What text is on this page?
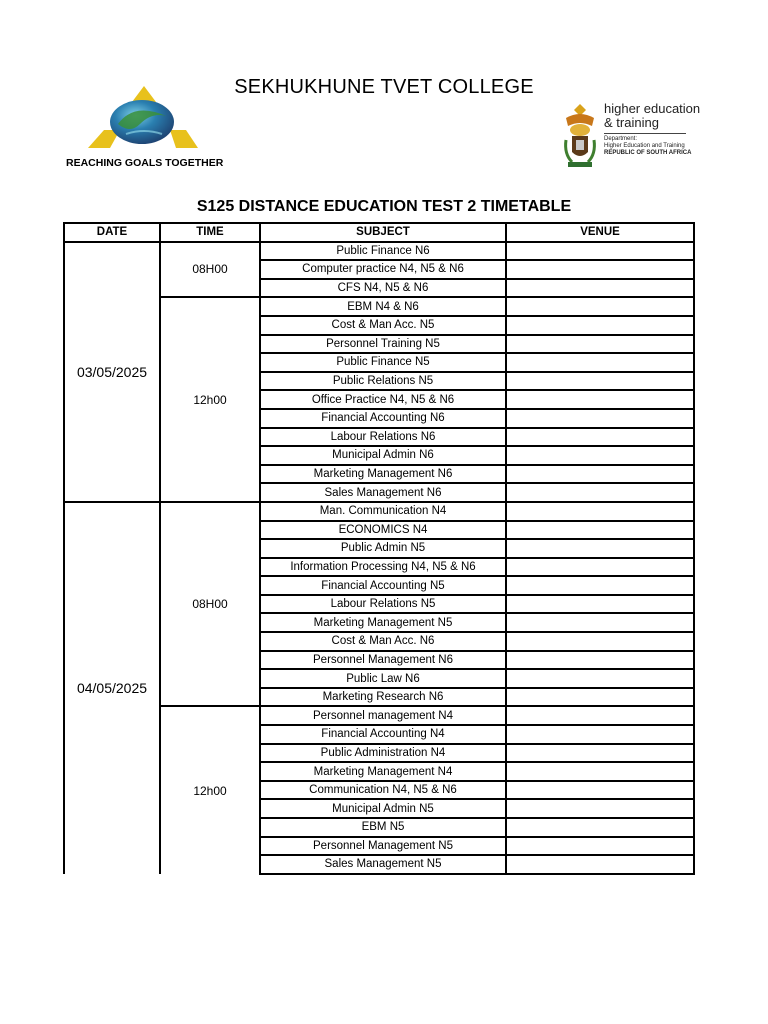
SEKHUKHUNE TVET COLLEGE
REACHING GOALS TOGETHER
higher education
& training
Department:
Higher Education and Training
REPUBLIC OF SOUTH AFRICA
S125 DISTANCE EDUCATION TEST 2 TIMETABLE
DATE	TIME	SUBJECT	VENUE
03/05/2025	08H00	Public Finance N6	
		Computer practice N4, N5 & N6	
		CFS N4, N5 & N6	
	12h00	EBM N4 & N6	
		Cost & Man Acc. N5	
		Personnel Training N5	
		Public Finance N5	
		Public Relations N5	
		Office Practice N4, N5 & N6	
		Financial Accounting N6	
		Labour Relations N6	
		Municipal Admin N6	
		Marketing Management N6	
		Sales Management N6	
04/05/2025	08H00	Man. Communication N4	
		ECONOMICS N4	
		Public Admin N5	
		Information Processing N4, N5 & N6	
		Financial Accounting N5	
		Labour Relations N5	
		Marketing Management N5	
		Cost & Man Acc. N6	
		Personnel Management N6	
		Public Law N6	
		Marketing Research N6	
	12h00	Personnel management N4	
		Financial Accounting N4	
		Public Administration N4	
		Marketing Management N4	
		Communication N4, N5 & N6	
		Municipal Admin N5	
		EBM N5	
		Personnel Management N5	
		Sales Management N5	
